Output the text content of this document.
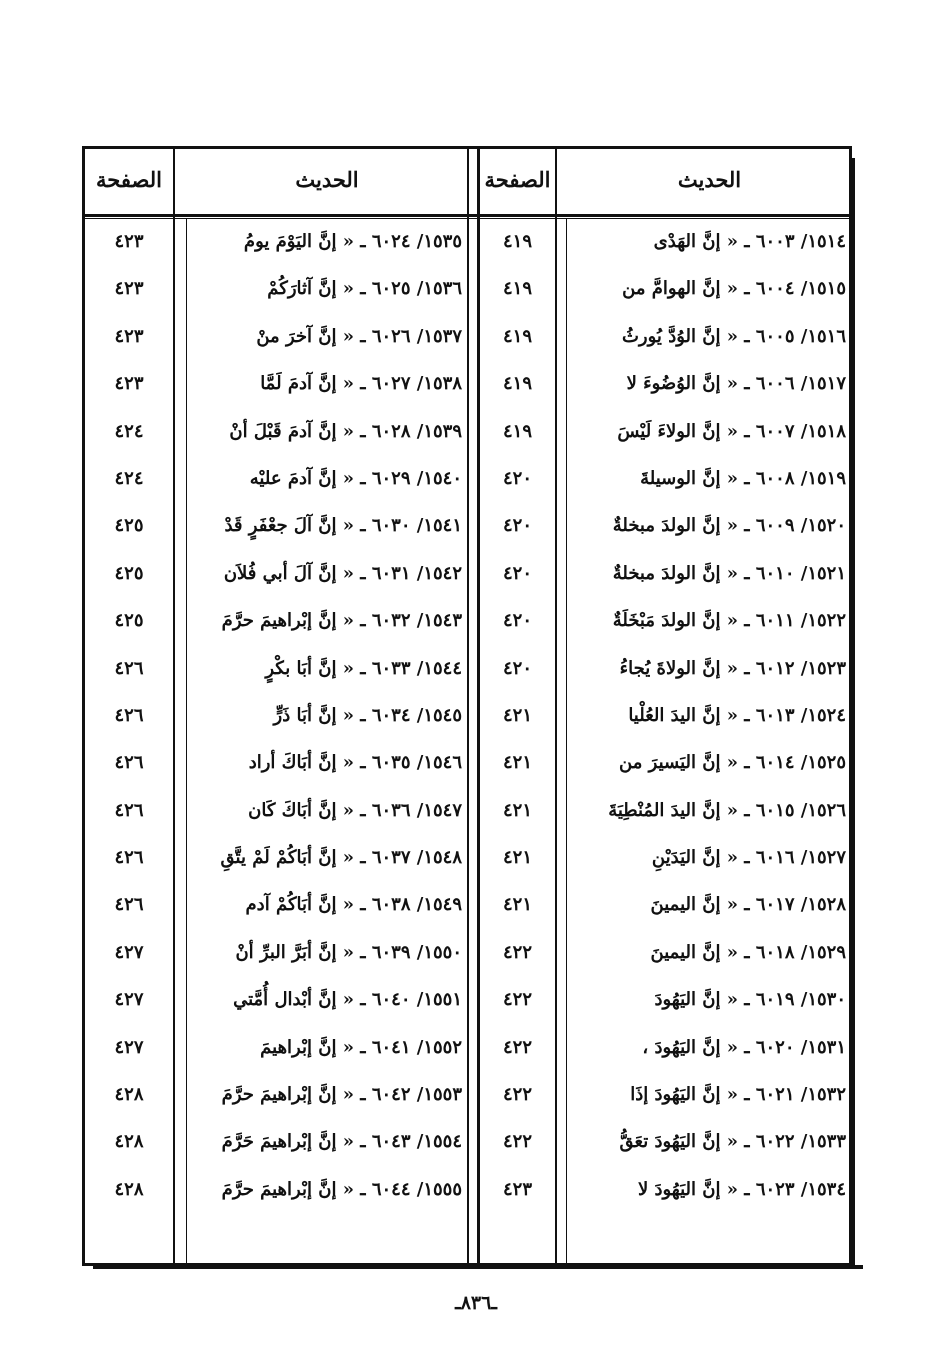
الحديث
الصفحة
الحديث
الصفحة
١٥١٤/ ٦٠٠٣ ـ « إنَّ الهَدْى
١٥١٥/ ٦٠٠٤ ـ « إنَّ الهوامَّ من
١٥١٦/ ٦٠٠٥ ـ « إنَّ الوُدَّ يُورثُ
١٥١٧/ ٦٠٠٦ ـ « إنَّ الوُضُوءَ لا
١٥١٨/ ٦٠٠٧ ـ « إنَّ الولاءَ لَيْسَ
١٥١٩/ ٦٠٠٨ ـ « إنَّ الوسيلةَ
١٥٢٠/ ٦٠٠٩ ـ « إنَّ الولدَ مبخلةٌ
١٥٢١/ ٦٠١٠ ـ « إنَّ الولدَ مبخلةٌ
١٥٢٢/ ٦٠١١ ـ « إنَّ الولدَ مَبْخَلَةٌ
١٥٢٣/ ٦٠١٢ ـ « إنَّ الولاةَ يُجاءُ
١٥٢٤/ ٦٠١٣ ـ « إنَّ اليدَ العُلْيا
١٥٢٥/ ٦٠١٤ ـ « إنَّ اليَسيرَ من
١٥٢٦/ ٦٠١٥ ـ « إنَّ اليدَ المُنْطِيَةَ
١٥٢٧/ ٦٠١٦ ـ « إنَّ اليَدَيْنِ
١٥٢٨/ ٦٠١٧ ـ « إنَّ اليمينَ
١٥٢٩/ ٦٠١٨ ـ « إنَّ اليمينَ
١٥٣٠/ ٦٠١٩ ـ « إنَّ اليَهُودَ
١٥٣١/ ٦٠٢٠ ـ « إنَّ اليَهُودَ ،
١٥٣٢/ ٦٠٢١ ـ « إنَّ اليَهُودَ إذَا
١٥٣٣/ ٦٠٢٢ ـ « إنَّ اليَهُودَ تعَقُّ
١٥٣٤/ ٦٠٢٣ ـ « إنَّ اليَهُودَ لا
٤١٩
٤١٩
٤١٩
٤١٩
٤١٩
٤٢٠
٤٢٠
٤٢٠
٤٢٠
٤٢٠
٤٢١
٤٢١
٤٢١
٤٢١
٤٢١
٤٢٢
٤٢٢
٤٢٢
٤٢٢
٤٢٢
٤٢٣
١٥٣٥/ ٦٠٢٤ ـ « إنَّ اليَوْمَ يومُ
١٥٣٦/ ٦٠٢٥ ـ « إنَّ آثارَكُمْ
١٥٣٧/ ٦٠٢٦ ـ « إنَّ آخرَ منْ
١٥٣٨/ ٦٠٢٧ ـ « إنَّ آدمَ لَمَّا
١٥٣٩/ ٦٠٢٨ ـ « إنَّ آدمَ قَبْلَ أنْ
١٥٤٠/ ٦٠٢٩ ـ « إنَّ آدمَ عليْه
١٥٤١/ ٦٠٣٠ ـ « إنَّ آلَ جعْفَرٍ قَدْ
١٥٤٢/ ٦٠٣١ ـ « إنَّ آلَ أبي فُلاَن
١٥٤٣/ ٦٠٣٢ ـ « إنَّ إبْراهيمَ حرَّمَ
١٥٤٤/ ٦٠٣٣ ـ « إنَّ أبَا بكْرٍ
١٥٤٥/ ٦٠٣٤ ـ « إنَّ أبَا ذَرٍّ
١٥٤٦/ ٦٠٣٥ ـ « إنَّ أبَاكَ أراد
١٥٤٧/ ٦٠٣٦ ـ « إنَّ أبَاكَ كَان
١٥٤٨/ ٦٠٣٧ ـ « إنَّ أبَاكُمْ لَمْ يتَّقِ
١٥٤٩/ ٦٠٣٨ ـ « إنَّ أبَاكُمْ آدم
١٥٥٠/ ٦٠٣٩ ـ « إنَّ أبَرَّ البرِّ أنْ
١٥٥١/ ٦٠٤٠ ـ « إنَّ أبْدال أُمَّتي
١٥٥٢/ ٦٠٤١ ـ « إنَّ إبْراهيمَ
١٥٥٣/ ٦٠٤٢ ـ « إنَّ إبْراهيمَ حرَّمَ
١٥٥٤/ ٦٠٤٣ ـ « إنَّ إبْراهيمَ حَرَّمَ
١٥٥٥/ ٦٠٤٤ ـ « إنَّ إبْراهيمَ حرَّمَ
٤٢٣
٤٢٣
٤٢٣
٤٢٣
٤٢٤
٤٢٤
٤٢٥
٤٢٥
٤٢٥
٤٢٦
٤٢٦
٤٢٦
٤٢٦
٤٢٦
٤٢٦
٤٢٧
٤٢٧
٤٢٧
٤٢٨
٤٢٨
٤٢٨
ـ٨٣٦ـ
